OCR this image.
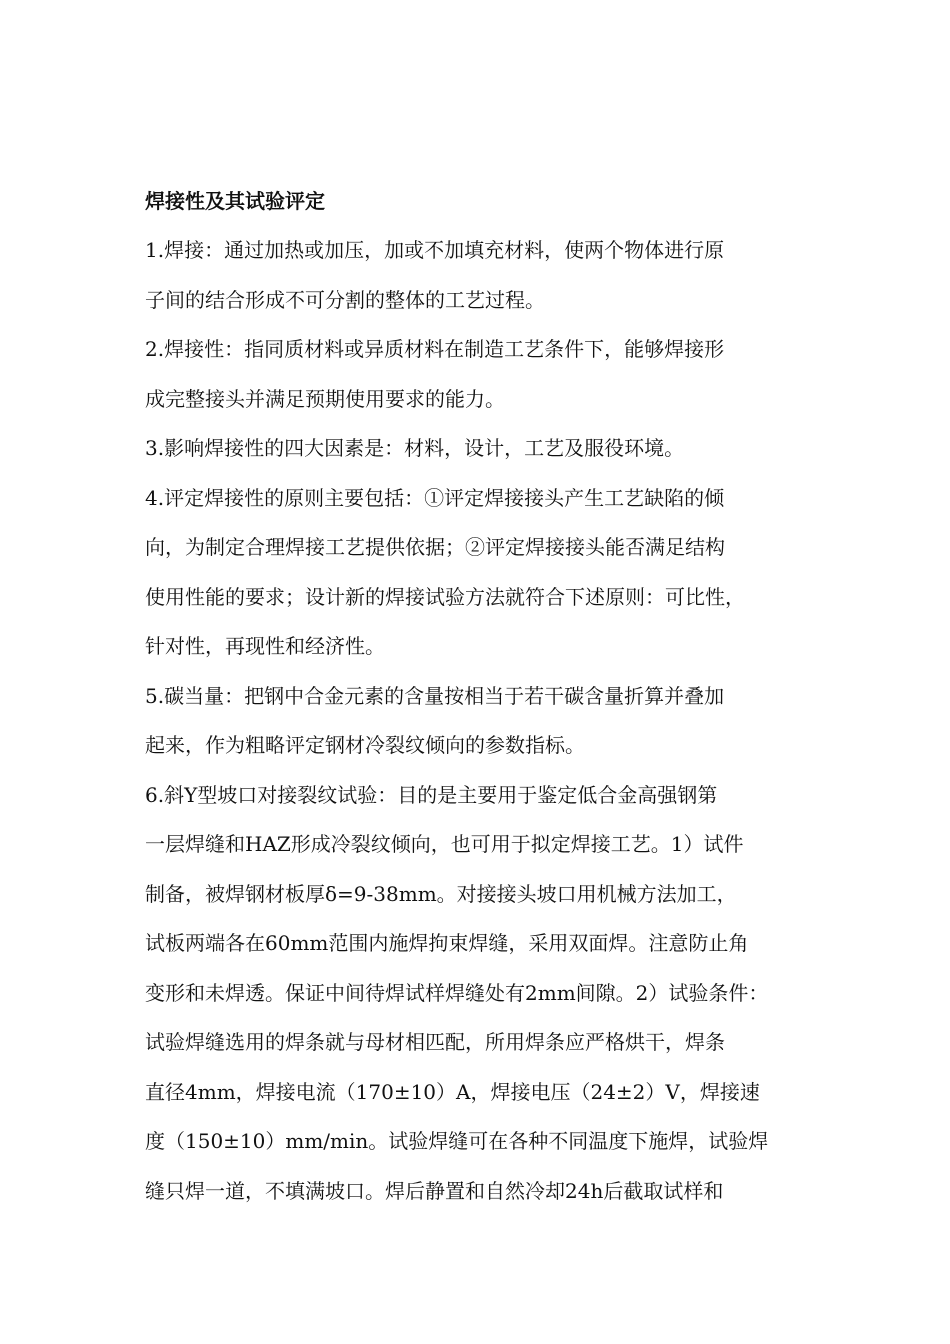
焊接性及其试验评定
1.焊接：通过加热或加压，加或不加填充材料，使两个物体进行原
子间的结合形成不可分割的整体的工艺过程。
2.焊接性：指同质材料或异质材料在制造工艺条件下，能够焊接形
成完整接头并满足预期使用要求的能力。
3.影响焊接性的四大因素是：材料，设计，工艺及服役环境。
4.评定焊接性的原则主要包括：①评定焊接接头产生工艺缺陷的倾
向，为制定合理焊接工艺提供依据；②评定焊接接头能否满足结构
使用性能的要求；设计新的焊接试验方法就符合下述原则：可比性，
针对性，再现性和经济性。
5.碳当量：把钢中合金元素的含量按相当于若干碳含量折算并叠加
起来，作为粗略评定钢材冷裂纹倾向的参数指标。
6.斜Y型坡口对接裂纹试验：目的是主要用于鉴定低合金高强钢第
一层焊缝和HAZ形成冷裂纹倾向，也可用于拟定焊接工艺。1）试件
制备，被焊钢材板厚δ=9-38mm。对接接头坡口用机械方法加工，
试板两端各在60mm范围内施焊拘束焊缝，采用双面焊。注意防止角
变形和未焊透。保证中间待焊试样焊缝处有2mm间隙。2）试验条件：
试验焊缝选用的焊条就与母材相匹配，所用焊条应严格烘干，焊条
直径4mm，焊接电流（170±10）A，焊接电压（24±2）V，焊接速
度（150±10）mm/min。试验焊缝可在各种不同温度下施焊，试验焊
缝只焊一道，不填满坡口。焊后静置和自然冷却24h后截取试样和
